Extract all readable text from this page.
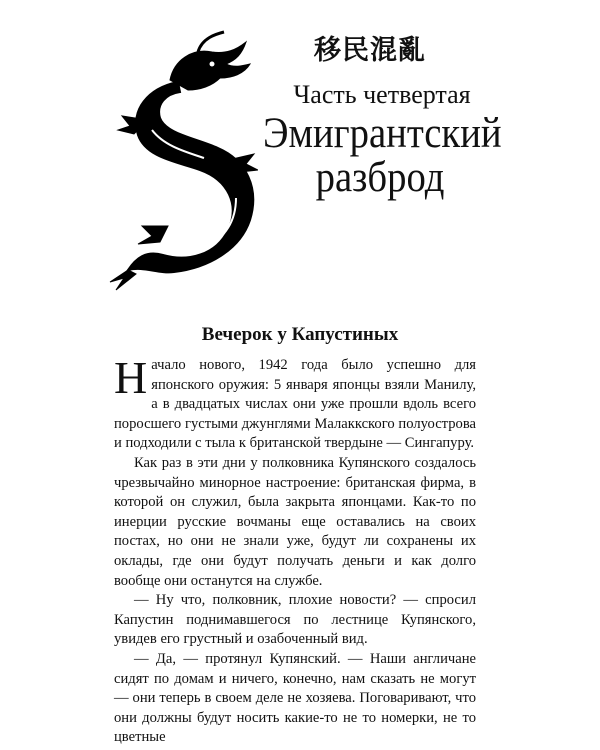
移民混亂
Часть четвертая
Эмигрантский
разброд
Вечерок у Капустиных

Начало нового, 1942 года было успешно для японского оружия: 5 января японцы взяли Манилу, а в двадцатых числах они уже прошли вдоль всего поросшего густыми джунглями Малаккского полуострова и подходили с тыла к британской твердыне — Сингапуру.

Как раз в эти дни у полковника Купянского создалось чрезвычайно минорное настроение: британская фирма, в которой он служил, была закрыта японцами. Как-то по инерции русские вочманы еще оставались на своих постах, но они не знали уже, будут ли сохранены их оклады, где они будут получать деньги и как долго вообще они останутся на службе.

— Ну что, полковник, плохие новости? — спросил Капустин поднимавшегося по лестнице Купянского, увидев его грустный и озабоченный вид.

— Да, — протянул Купянский. — Наши англичане сидят по домам и ничего, конечно, нам сказать не могут — они теперь в своем деле не хозяева. Поговаривают, что они должны будут носить какие-то не то номерки, не то цветные
